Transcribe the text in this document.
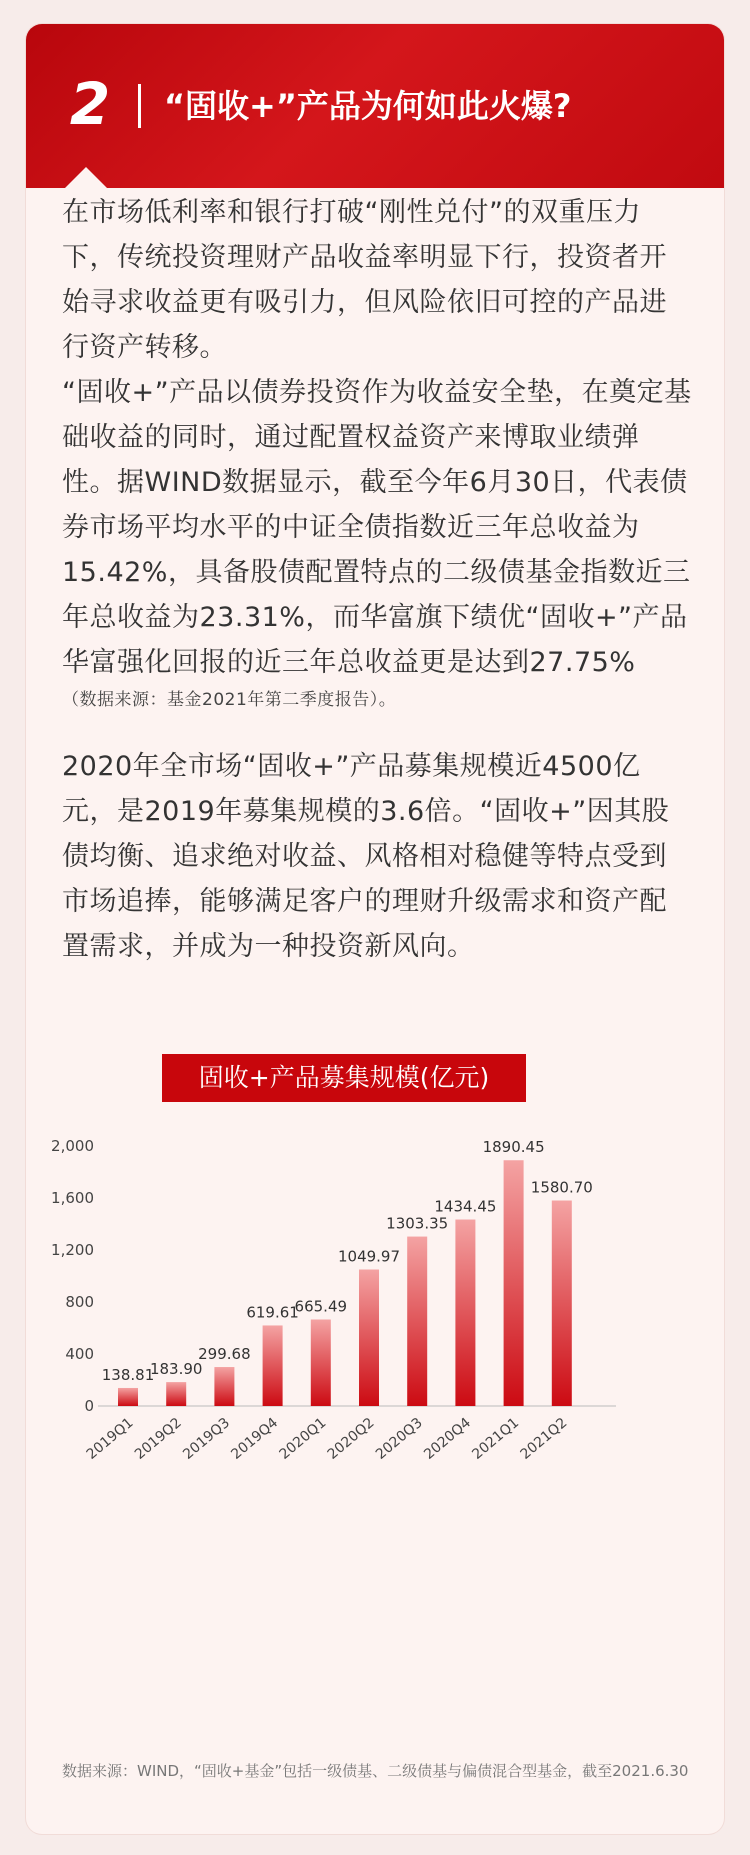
2 “固收+”产品为何如此火爆?
在市场低利率和银行打破“刚性兑付”的双重压力下，传统投资理财产品收益率明显下行，投资者开始寻求收益更有吸引力，但风险依旧可控的产品进行资产转移。
“固收+”产品以债券投资作为收益安全垫，在奠定基础收益的同时，通过配置权益资产来博取业绩弹性。据WIND数据显示，截至今年6月30日，代表债券市场平均水平的中证全债指数近三年总收益为15.42%，具备股债配置特点的二级债基金指数近三年总收益为23.31%，而华富旗下绩优“固收+”产品华富强化回报的近三年总收益更是达到27.75%
（数据来源：基金2021年第二季度报告）。
2020年全市场“固收+”产品募集规模近4500亿元，是2019年募集规模的3.6倍。“固收+”因其股债均衡、追求绝对收益、风格相对稳健等特点受到市场追捧，能够满足客户的理财升级需求和资产配置需求，并成为一种投资新风向。
固收+产品募集规模(亿元)
0
400
800
1,200
1,600
2,000
138.81
183.90
299.68
619.61
665.49
1049.97
1303.35
1434.45
1890.45
1580.70
2019Q1
2019Q2
2019Q3
2019Q4
2020Q1
2020Q2
2020Q3
2020Q4
2021Q1
2021Q2
数据来源：WIND，“固收+基金”包括一级债基、二级债基与偏债混合型基金，截至2021.6.30
